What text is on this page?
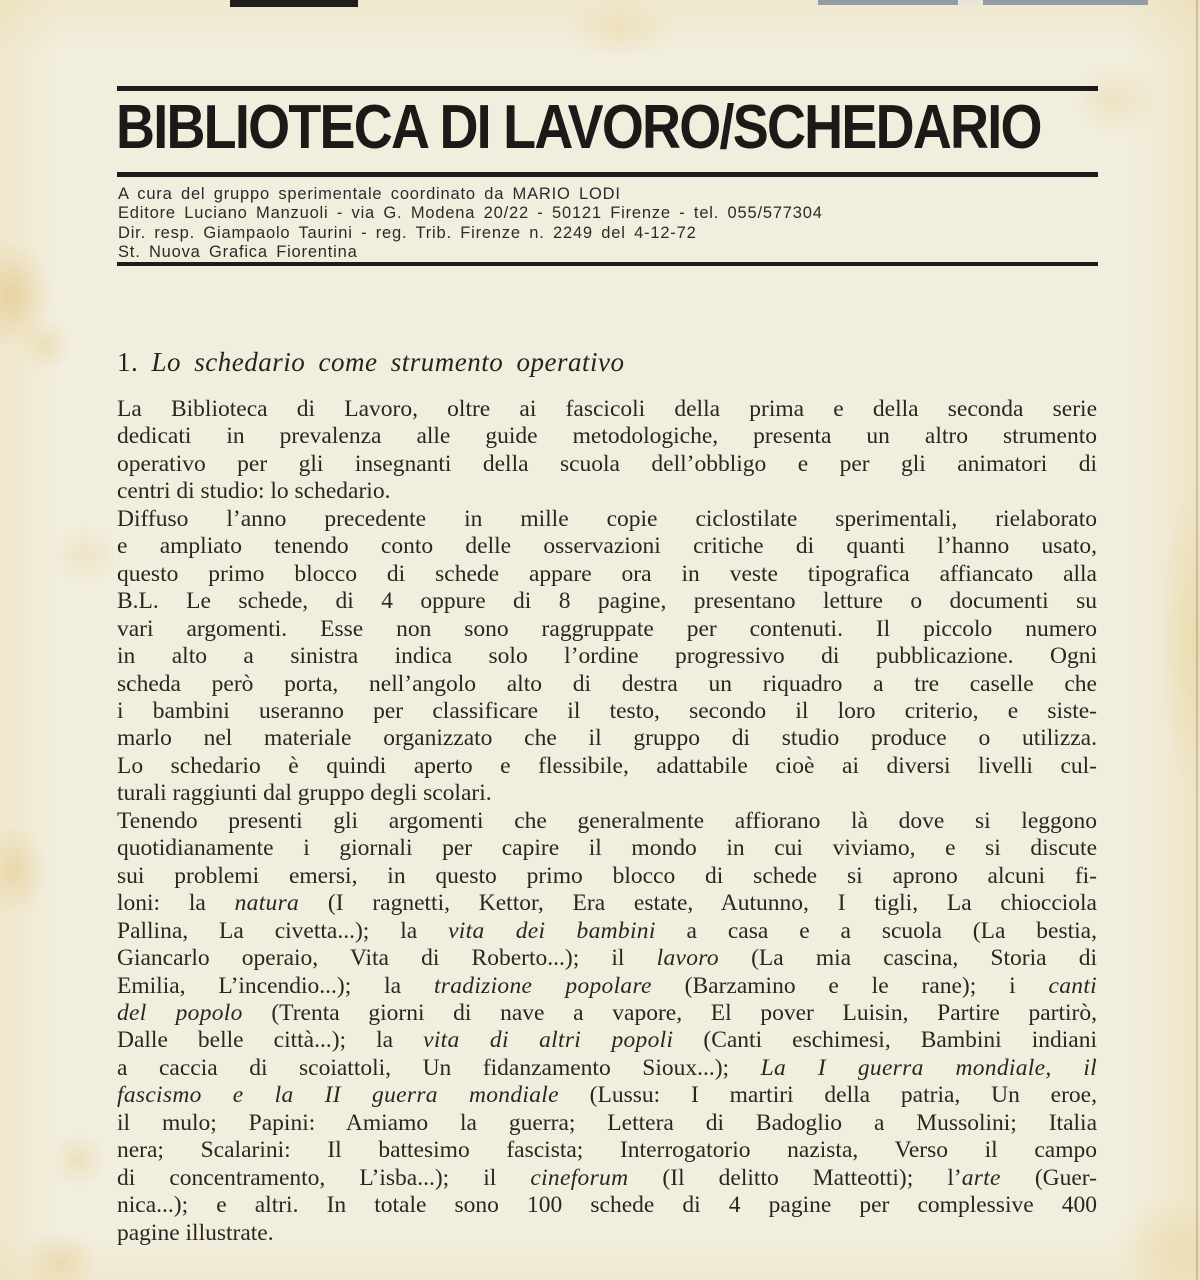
BIBLIOTECA DI LAVORO/SCHEDARIO
A cura del gruppo sperimentale coordinato da MARIO LODI
Editore Luciano Manzuoli - via G. Modena 20/22 - 50121 Firenze - tel. 055/577304
Dir. resp. Giampaolo Taurini - reg. Trib. Firenze n. 2249 del 4-12-72
St. Nuova Grafica Fiorentina
1. Lo schedario come strumento operativo
La Biblioteca di Lavoro, oltre ai fascicoli della prima e della seconda serie
dedicati in prevalenza alle guide metodologiche, presenta un altro strumento
operativo per gli insegnanti della scuola dell’obbligo e per gli animatori di
centri di studio: lo schedario.
Diffuso l’anno precedente in mille copie ciclostilate sperimentali, rielaborato
e ampliato tenendo conto delle osservazioni critiche di quanti l’hanno usato,
questo primo blocco di schede appare ora in veste tipografica affiancato alla
B.L. Le schede, di 4 oppure di 8 pagine, presentano letture o documenti su
vari argomenti. Esse non sono raggruppate per contenuti. Il piccolo numero
in alto a sinistra indica solo l’ordine progressivo di pubblicazione. Ogni
scheda però porta, nell’angolo alto di destra un riquadro a tre caselle che
i bambini useranno per classificare il testo, secondo il loro criterio, e siste-
marlo nel materiale organizzato che il gruppo di studio produce o utilizza.
Lo schedario è quindi aperto e flessibile, adattabile cioè ai diversi livelli cul-
turali raggiunti dal gruppo degli scolari.
Tenendo presenti gli argomenti che generalmente affiorano là dove si leggono
quotidianamente i giornali per capire il mondo in cui viviamo, e si discute
sui problemi emersi, in questo primo blocco di schede si aprono alcuni fi-
loni: la natura (I ragnetti, Kettor, Era estate, Autunno, I tigli, La chiocciola
Pallina, La civetta...); la vita dei bambini a casa e a scuola (La bestia,
Giancarlo operaio, Vita di Roberto...); il lavoro (La mia cascina, Storia di
Emilia, L’incendio...); la tradizione popolare (Barzamino e le rane); i canti
del popolo (Trenta giorni di nave a vapore, El pover Luisin, Partire partirò,
Dalle belle città...); la vita di altri popoli (Canti eschimesi, Bambini indiani
a caccia di scoiattoli, Un fidanzamento Sioux...); La I guerra mondiale, il
fascismo e la II guerra mondiale (Lussu: I martiri della patria, Un eroe,
il mulo; Papini: Amiamo la guerra; Lettera di Badoglio a Mussolini; Italia
nera; Scalarini: Il battesimo fascista; Interrogatorio nazista, Verso il campo
di concentramento, L’isba...); il cineforum (Il delitto Matteotti); l’arte (Guer-
nica...); e altri. In totale sono 100 schede di 4 pagine per complessive 400
pagine illustrate.
